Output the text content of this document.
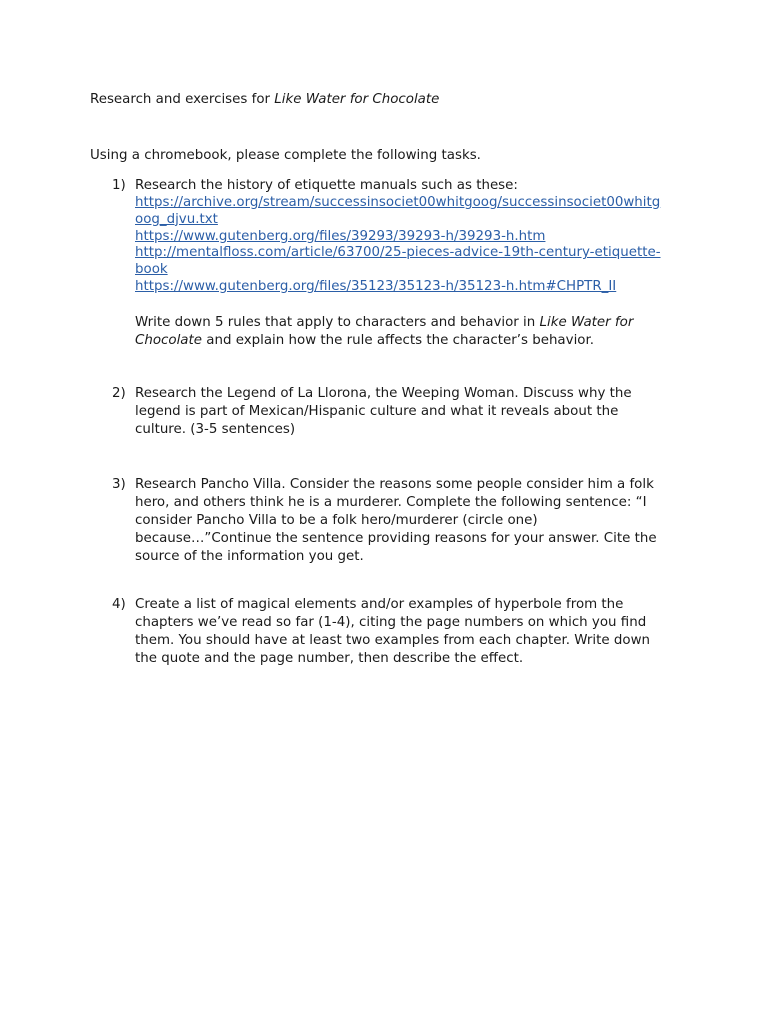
Research and exercises for Like Water for Chocolate
Using a chromebook, please complete the following tasks.
1) Research the history of etiquette manuals such as these:
https://archive.org/stream/successinsociet00whitgoog/successinsociet00whitg
oog_djvu.txt
https://www.gutenberg.org/files/39293/39293-h/39293-h.htm
http://mentalfloss.com/article/63700/25-pieces-advice-19th-century-etiquette-
book
https://www.gutenberg.org/files/35123/35123-h/35123-h.htm#CHPTR_II
Write down 5 rules that apply to characters and behavior in Like Water for
Chocolate and explain how the rule affects the character’s behavior.
2) Research the Legend of La Llorona, the Weeping Woman. Discuss why the
legend is part of Mexican/Hispanic culture and what it reveals about the
culture. (3-5 sentences)
3) Research Pancho Villa. Consider the reasons some people consider him a folk
hero, and others think he is a murderer. Complete the following sentence: “I
consider Pancho Villa to be a folk hero/murderer (circle one)
because…”Continue the sentence providing reasons for your answer. Cite the
source of the information you get.
4) Create a list of magical elements and/or examples of hyperbole from the
chapters we’ve read so far (1-4), citing the page numbers on which you find
them. You should have at least two examples from each chapter. Write down
the quote and the page number, then describe the effect.
